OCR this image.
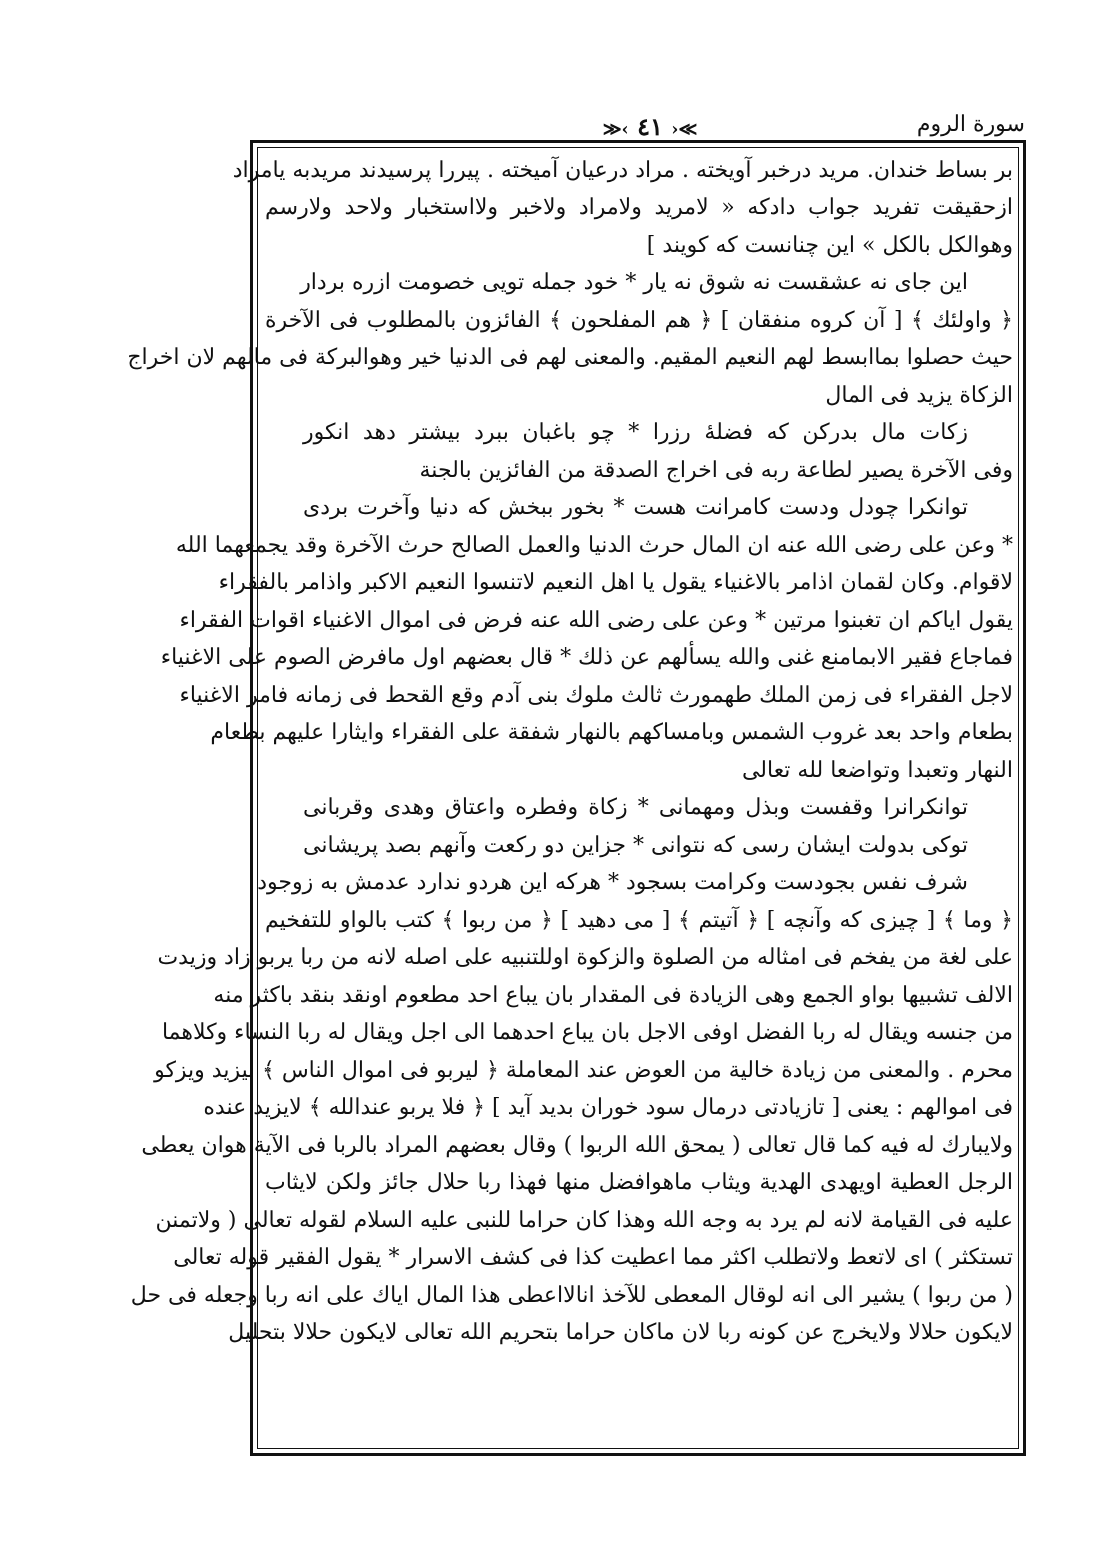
سورة الروم
≫‹ ٤١ ›≪
بر بساط خندان. مريد درخبر آويخته . مراد درعيان آميخته . پيررا پرسيدند مريدبه يامراد
ازحقيقت تفريد جواب دادكه « لامريد ولامراد ولاخبر ولااستخبار ولاحد ولارسم
وهوالكل بالكل » اين چنانست كه كويند ]
اين جاى نه عشقست نه شوق نه يار * خود جمله تويى خصومت ازره بردار
﴿ واولئك ﴾ [ آن كروه منفقان ] ﴿ هم المفلحون ﴾ الفائزون بالمطلوب فى الآخرة
حيث حصلوا بماابسط لهم النعيم المقيم. والمعنى لهم فى الدنيا خير وهوالبركة فى مالهم لان اخراج
الزكاة يزيد فى المال
زكات مال بدركن كه فضلهٔ رزرا * چو باغبان ببرد بيشتر دهد انكور
وفى الآخرة يصير لطاعة ربه فى اخراج الصدقة من الفائزين بالجنة
توانكرا چودل ودست كامرانت هست * بخور ببخش كه دنيا وآخرت بردى
* وعن على رضى الله عنه ان المال حرث الدنيا والعمل الصالح حرث الآخرة وقد يجمعهما الله
لاقوام. وكان لقمان اذامر بالاغنياء يقول يا اهل النعيم لاتنسوا النعيم الاكبر واذامر بالفقراء
يقول اياكم ان تغبنوا مرتين * وعن على رضى الله عنه فرض فى اموال الاغنياء اقوات الفقراء
فماجاع فقير الابمامنع غنى والله يسألهم عن ذلك * قال بعضهم اول مافرض الصوم على الاغنياء
لاجل الفقراء فى زمن الملك طهمورث ثالث ملوك بنى آدم وقع القحط فى زمانه فامر الاغنياء
بطعام واحد بعد غروب الشمس وبامساكهم بالنهار شفقة على الفقراء وايثارا عليهم بطعام
النهار وتعبدا وتواضعا لله تعالى
توانكرانرا وقفست وبذل ومهمانى * زكاة وفطره واعتاق وهدى وقربانى
توكى بدولت ايشان رسى كه نتوانى * جزاين دو ركعت وآنهم بصد پريشانى
شرف نفس بجودست وكرامت بسجود * هركه اين هردو ندارد عدمش به زوجود
﴿ وما ﴾ [ چيزى كه وآنچه ] ﴿ آتيتم ﴾ [ مى دهيد ] ﴿ من ربوا ﴾ كتب بالواو للتفخيم
على لغة من يفخم فى امثاله من الصلوة والزكوة اوللتنبيه على اصله لانه من ربا يربو زاد وزيدت
الالف تشبيها بواو الجمع وهى الزيادة فى المقدار بان يباع احد مطعوم اونقد بنقد باكثر منه
من جنسه ويقال له ربا الفضل اوفى الاجل بان يباع احدهما الى اجل ويقال له ربا النساء وكلاهما
محرم . والمعنى من زيادة خالية من العوض عند المعاملة ﴿ ليربو فى اموال الناس ﴾ ليزيد ويزكو
فى اموالهم : يعنى [ تازيادتى درمال سود خوران بديد آيد ] ﴿ فلا يربو عندالله ﴾ لايزيد عنده
ولايبارك له فيه كما قال تعالى ( يمحق الله الربوا ) وقال بعضهم المراد بالربا فى الآية هوان يعطى
الرجل العطية اويهدى الهدية ويثاب ماهوافضل منها فهذا ربا حلال جائز ولكن لايثاب
عليه فى القيامة لانه لم يرد به وجه الله وهذا كان حراما للنبى عليه السلام لقوله تعالى ( ولاتمنن
تستكثر ) اى لاتعط ولاتطلب اكثر مما اعطيت كذا فى كشف الاسرار * يقول الفقير قوله تعالى
( من ربوا ) يشير الى انه لوقال المعطى للآخذ انالااعطى هذا المال اياك على انه ربا وجعله فى حل
لايكون حلالا ولايخرج عن كونه ربا لان ماكان حراما بتحريم الله تعالى لايكون حلالا بتحليل
